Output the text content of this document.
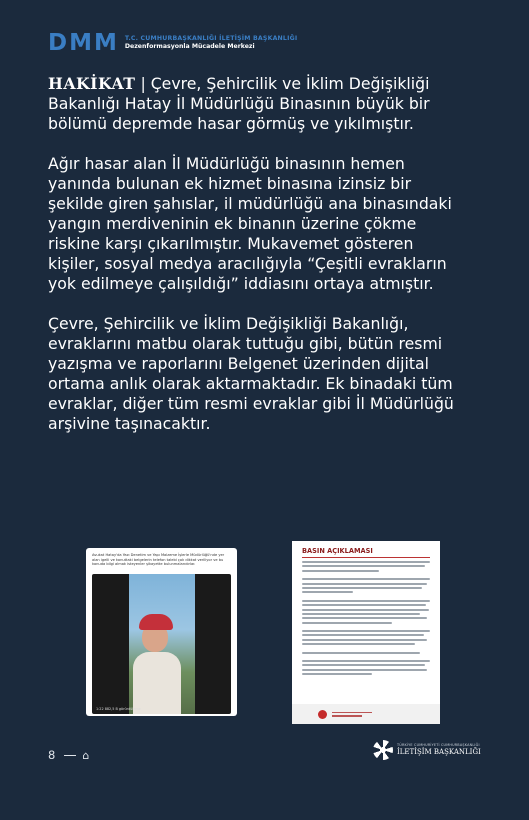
DMM T.C. CUMHURBAŞKANLIĞI İLETİŞİM BAŞKANLIĞI
Dezenformasyonla Mücadele Merkezi

HAKİKAT | Çevre, Şehircilik ve İklim Değişikliği Bakanlığı Hatay İl Müdürlüğü Binasının büyük bir bölümü depremde hasar görmüş ve yıkılmıştır.

Ağır hasar alan İl Müdürlüğü binasının hemen yanında bulunan ek hizmet binasına izinsiz bir şekilde giren şahıslar, il müdürlüğü ana binasındaki yangın merdiveninin ek binanın üzerine çökme riskine karşı çıkarılmıştır. Mukavemet gösteren kişiler, sosyal medya aracılığıyla “Çeşitli evrakların yok edilmeye çalışıldığı” iddiasını ortaya atmıştır.

Çevre, Şehircilik ve İklim Değişikliği Bakanlığı, evraklarını matbu olarak tuttuğu gibi, bütün resmi yazışma ve raporlarını Belgenet üzerinden dijital ortama anlık olarak aktarmaktadır. Ek binadaki tüm evraklar, diğer tüm resmi evraklar gibi İl Müdürlüğü arşivine taşınacaktır.

Avukat Hatay'da Yazı Denetim ve Yapı Malzeme İşlerle Müdürlüğü'nde yer alan igelli ve konuttaki belgelerin telefon talebi çok dikkat veriliyor ve bu konuda bilgi almak isteyenler şikayette bulunmalarıdırlar.
1:22 882,5 B görüntüleme
BASIN AÇIKLAMASI
8 ⌂
TÜRKİYE CUMHURİYETİ CUMHURBAŞKANLIĞI
İLETİŞİM BAŞKANLIĞI
